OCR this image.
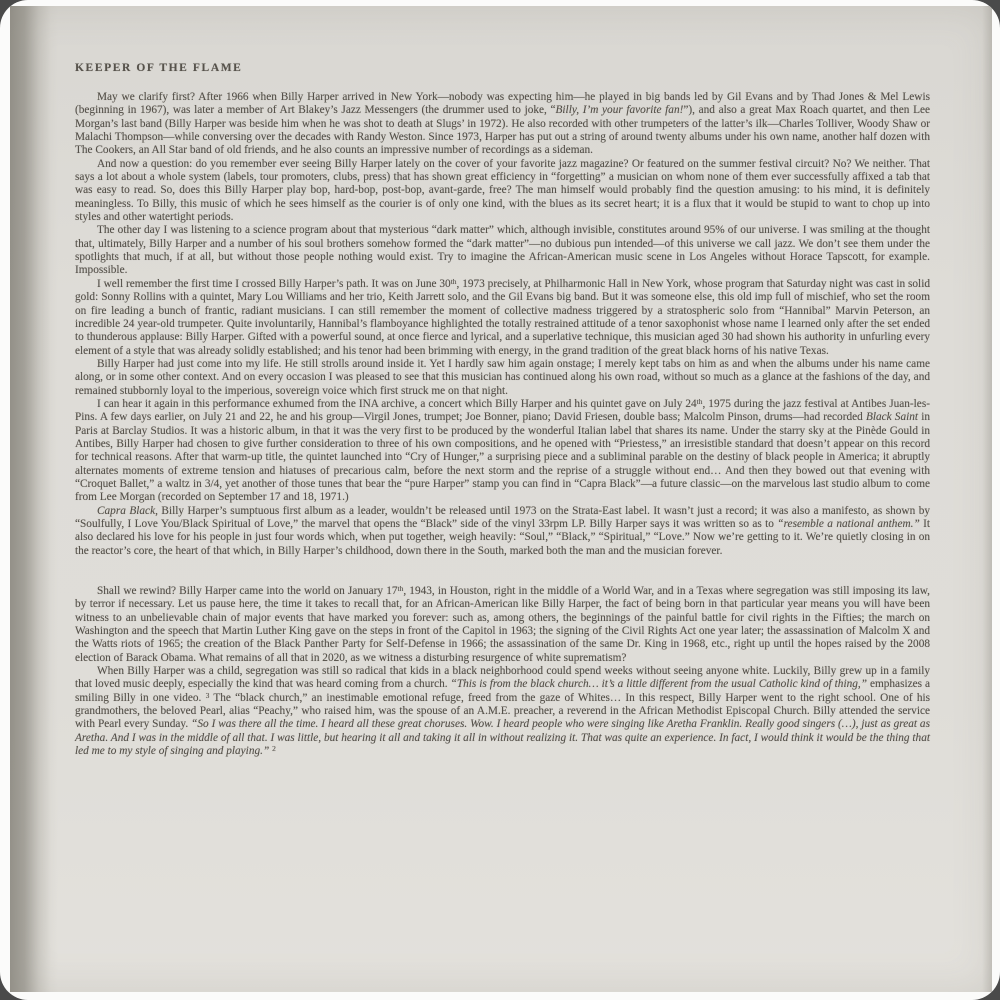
KEEPER OF THE FLAME

May we clarify first? After 1966 when Billy Harper arrived in New York—nobody was expecting him—he played in big bands led by Gil Evans and by Thad Jones & Mel Lewis (beginning in 1967), was later a member of Art Blakey’s Jazz Messengers (the drummer used to joke, “Billy, I’m your favorite fan!”), and also a great Max Roach quartet, and then Lee Morgan’s last band (Billy Harper was beside him when he was shot to death at Slugs’ in 1972). He also recorded with other trumpeters of the latter’s ilk—Charles Tolliver, Woody Shaw or Malachi Thompson—while conversing over the decades with Randy Weston. Since 1973, Harper has put out a string of around twenty albums under his own name, another half dozen with The Cookers, an All Star band of old friends, and he also counts an impressive number of recordings as a sideman.

And now a question: do you remember ever seeing Billy Harper lately on the cover of your favorite jazz magazine? Or featured on the summer festival circuit? No? We neither. That says a lot about a whole system (labels, tour promoters, clubs, press) that has shown great efficiency in “forgetting” a musician on whom none of them ever successfully affixed a tab that was easy to read. So, does this Billy Harper play bop, hard-bop, post-bop, avant-garde, free? The man himself would probably find the question amusing: to his mind, it is definitely meaningless. To Billy, this music of which he sees himself as the courier is of only one kind, with the blues as its secret heart; it is a flux that it would be stupid to want to chop up into styles and other watertight periods.

The other day I was listening to a science program about that mysterious “dark matter” which, although invisible, constitutes around 95% of our universe. I was smiling at the thought that, ultimately, Billy Harper and a number of his soul brothers somehow formed the “dark matter”—no dubious pun intended—of this universe we call jazz. We don’t see them under the spotlights that much, if at all, but without those people nothing would exist. Try to imagine the African-American music scene in Los Angeles without Horace Tapscott, for example. Impossible.

I well remember the first time I crossed Billy Harper’s path. It was on June 30th, 1973 precisely, at Philharmonic Hall in New York, whose program that Saturday night was cast in solid gold: Sonny Rollins with a quintet, Mary Lou Williams and her trio, Keith Jarrett solo, and the Gil Evans big band. But it was someone else, this old imp full of mischief, who set the room on fire leading a bunch of frantic, radiant musicians. I can still remember the moment of collective madness triggered by a stratospheric solo from “Hannibal” Marvin Peterson, an incredible 24 year-old trumpeter. Quite involuntarily, Hannibal’s flamboyance highlighted the totally restrained attitude of a tenor saxophonist whose name I learned only after the set ended to thunderous applause: Billy Harper. Gifted with a powerful sound, at once fierce and lyrical, and a superlative technique, this musician aged 30 had shown his authority in unfurling every element of a style that was already solidly established; and his tenor had been brimming with energy, in the grand tradition of the great black horns of his native Texas.

Billy Harper had just come into my life. He still strolls around inside it. Yet I hardly saw him again onstage; I merely kept tabs on him as and when the albums under his name came along, or in some other context. And on every occasion I was pleased to see that this musician has continued along his own road, without so much as a glance at the fashions of the day, and remained stubbornly loyal to the imperious, sovereign voice which first struck me on that night.

I can hear it again in this performance exhumed from the INA archive, a concert which Billy Harper and his quintet gave on July 24th, 1975 during the jazz festival at Antibes Juan-les-Pins. A few days earlier, on July 21 and 22, he and his group—Virgil Jones, trumpet; Joe Bonner, piano; David Friesen, double bass; Malcolm Pinson, drums—had recorded Black Saint in Paris at Barclay Studios. It was a historic album, in that it was the very first to be produced by the wonderful Italian label that shares its name. Under the starry sky at the Pinède Gould in Antibes, Billy Harper had chosen to give further consideration to three of his own compositions, and he opened with “Priestess,” an irresistible standard that doesn’t appear on this record for technical reasons. After that warm-up title, the quintet launched into “Cry of Hunger,” a surprising piece and a subliminal parable on the destiny of black people in America; it abruptly alternates moments of extreme tension and hiatuses of precarious calm, before the next storm and the reprise of a struggle without end… And then they bowed out that evening with “Croquet Ballet,” a waltz in 3/4, yet another of those tunes that bear the “pure Harper” stamp you can find in “Capra Black”—a future classic—on the marvelous last studio album to come from Lee Morgan (recorded on September 17 and 18, 1971.)

Capra Black, Billy Harper’s sumptuous first album as a leader, wouldn’t be released until 1973 on the Strata-East label. It wasn’t just a record; it was also a manifesto, as shown by “Soulfully, I Love You/Black Spiritual of Love,” the marvel that opens the “Black” side of the vinyl 33rpm LP. Billy Harper says it was written so as to “resemble a national anthem.” It also declared his love for his people in just four words which, when put together, weigh heavily: “Soul,” “Black,” “Spiritual,” “Love.” Now we’re getting to it. We’re quietly closing in on the reactor’s core, the heart of that which, in Billy Harper’s childhood, down there in the South, marked both the man and the musician forever.

Shall we rewind? Billy Harper came into the world on January 17th, 1943, in Houston, right in the middle of a World War, and in a Texas where segregation was still imposing its law, by terror if necessary. Let us pause here, the time it takes to recall that, for an African-American like Billy Harper, the fact of being born in that particular year means you will have been witness to an unbelievable chain of major events that have marked you forever: such as, among others, the beginnings of the painful battle for civil rights in the Fifties; the march on Washington and the speech that Martin Luther King gave on the steps in front of the Capitol in 1963; the signing of the Civil Rights Act one year later; the assassination of Malcolm X and the Watts riots of 1965; the creation of the Black Panther Party for Self-Defense in 1966; the assassination of the same Dr. King in 1968, etc., right up until the hopes raised by the 2008 election of Barack Obama. What remains of all that in 2020, as we witness a disturbing resurgence of white suprematism?

When Billy Harper was a child, segregation was still so radical that kids in a black neighborhood could spend weeks without seeing anyone white. Luckily, Billy grew up in a family that loved music deeply, especially the kind that was heard coming from a church. “This is from the black church… it’s a little different from the usual Catholic kind of thing,” emphasizes a smiling Billy in one video. $^3$ The “black church,” an inestimable emotional refuge, freed from the gaze of Whites… In this respect, Billy Harper went to the right school. One of his grandmothers, the beloved Pearl, alias “Peachy,” who raised him, was the spouse of an A.M.E. preacher, a reverend in the African Methodist Episcopal Church. Billy attended the service with Pearl every Sunday. “So I was there all the time. I heard all these great choruses. Wow. I heard people who were singing like Aretha Franklin. Really good singers (…), just as great as Aretha. And I was in the middle of all that. I was little, but hearing it all and taking it all in without realizing it. That was quite an experience. In fact, I would think it would be the thing that led me to my style of singing and playing.” $^2$
